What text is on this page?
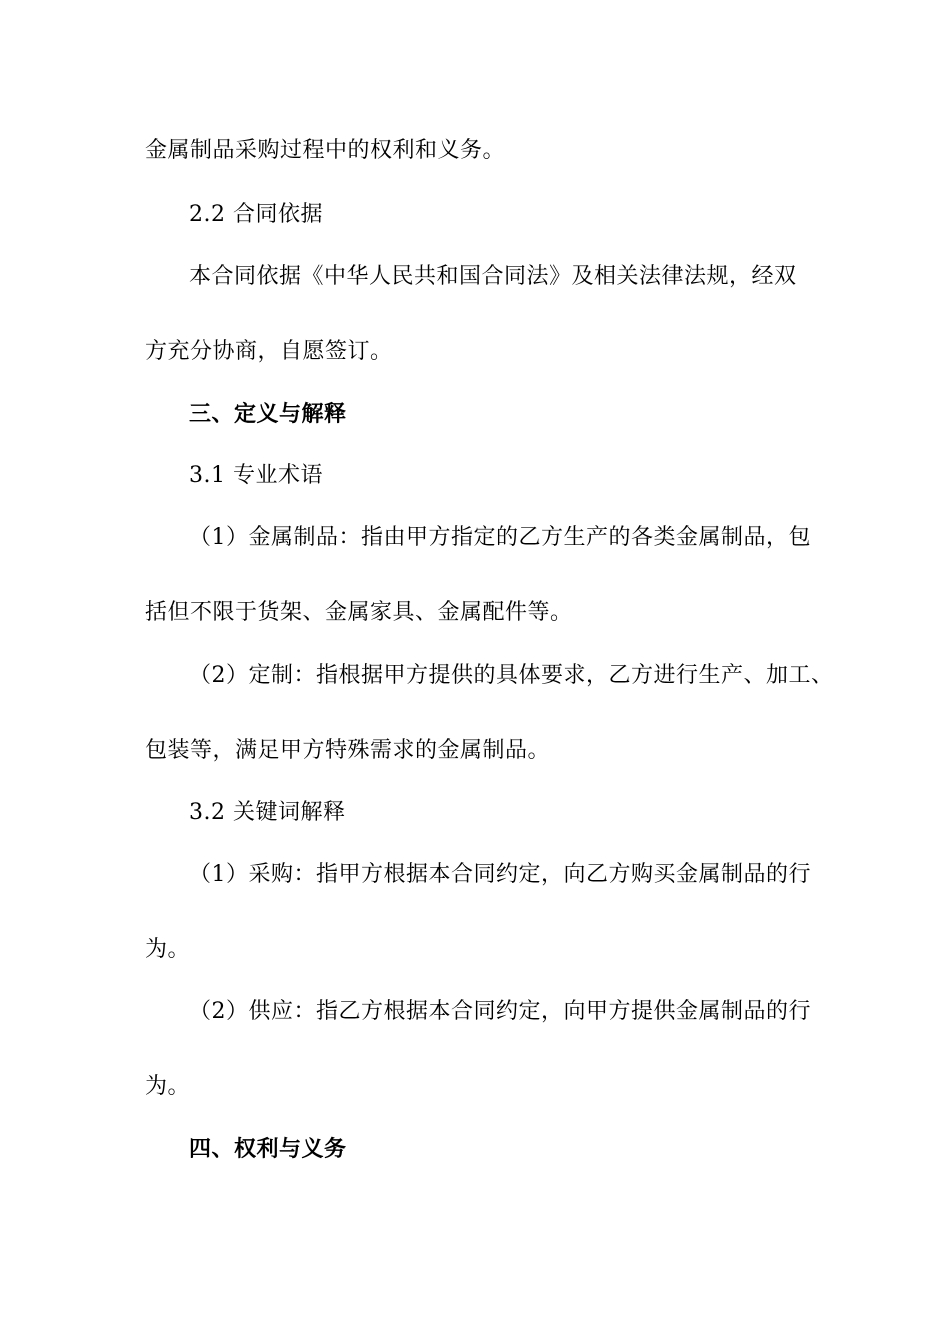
金属制品采购过程中的权利和义务。
2.2 合同依据
本合同依据《中华人民共和国合同法》及相关法律法规，经双
方充分协商，自愿签订。
三、定义与解释
3.1 专业术语
（1）金属制品：指由甲方指定的乙方生产的各类金属制品，包
括但不限于货架、金属家具、金属配件等。
（2）定制：指根据甲方提供的具体要求，乙方进行生产、加工、
包装等，满足甲方特殊需求的金属制品。
3.2 关键词解释
（1）采购：指甲方根据本合同约定，向乙方购买金属制品的行
为。
（2）供应：指乙方根据本合同约定，向甲方提供金属制品的行
为。
四、权利与义务
